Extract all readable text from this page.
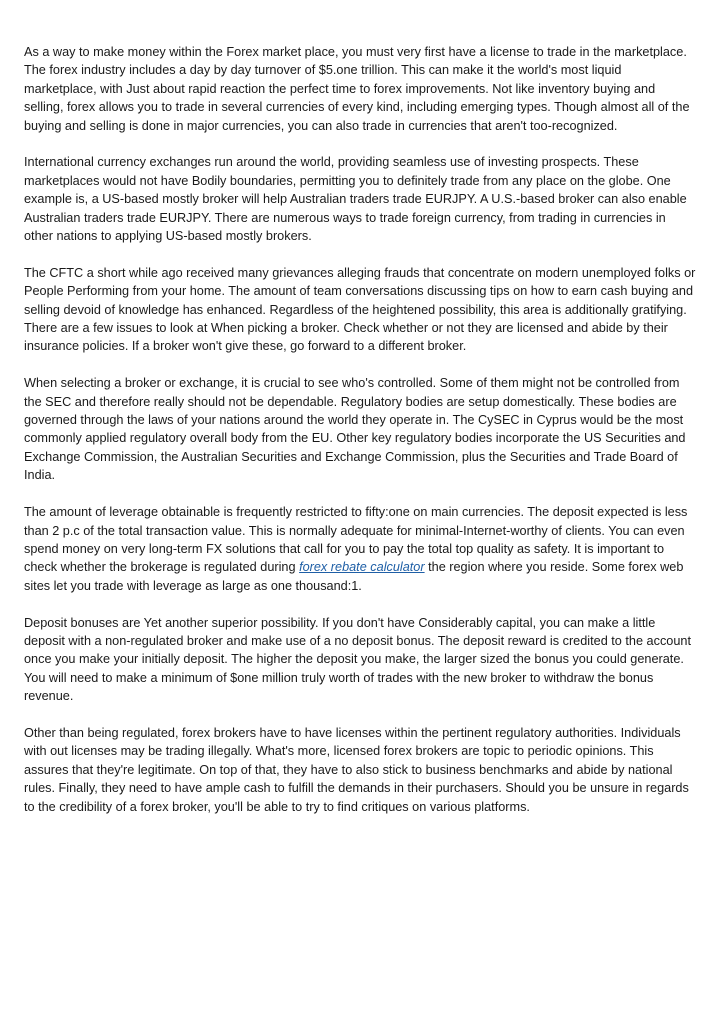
As a way to make money within the Forex market place, you must very first have a license to trade in the marketplace. The forex industry includes a day by day turnover of $5.one trillion. This can make it the world's most liquid marketplace, with Just about rapid reaction the perfect time to forex improvements. Not like inventory buying and selling, forex allows you to trade in several currencies of every kind, including emerging types. Though almost all of the buying and selling is done in major currencies, you can also trade in currencies that aren't too-recognized.

International currency exchanges run around the world, providing seamless use of investing prospects. These marketplaces would not have Bodily boundaries, permitting you to definitely trade from any place on the globe. One example is, a US-based mostly broker will help Australian traders trade EURJPY. A U.S.-based broker can also enable Australian traders trade EURJPY. There are numerous ways to trade foreign currency, from trading in currencies in other nations to applying US-based mostly brokers.

The CFTC a short while ago received many grievances alleging frauds that concentrate on modern unemployed folks or People Performing from your home. The amount of team conversations discussing tips on how to earn cash buying and selling devoid of knowledge has enhanced. Regardless of the heightened possibility, this area is additionally gratifying. There are a few issues to look at When picking a broker. Check whether or not they are licensed and abide by their insurance policies. If a broker won't give these, go forward to a different broker.

When selecting a broker or exchange, it is crucial to see who's controlled. Some of them might not be controlled from the SEC and therefore really should not be dependable. Regulatory bodies are setup domestically. These bodies are governed through the laws of your nations around the world they operate in. The CySEC in Cyprus would be the most commonly applied regulatory overall body from the EU. Other key regulatory bodies incorporate the US Securities and Exchange Commission, the Australian Securities and Exchange Commission, plus the Securities and Trade Board of India.

The amount of leverage obtainable is frequently restricted to fifty:one on main currencies. The deposit expected is less than 2 p.c of the total transaction value. This is normally adequate for minimal-Internet-worthy of clients. You can even spend money on very long-term FX solutions that call for you to pay the total top quality as safety. It is important to check whether the brokerage is regulated during forex rebate calculator the region where you reside. Some forex web sites let you trade with leverage as large as one thousand:1.

Deposit bonuses are Yet another superior possibility. If you don't have Considerably capital, you can make a little deposit with a non-regulated broker and make use of a no deposit bonus. The deposit reward is credited to the account once you make your initially deposit. The higher the deposit you make, the larger sized the bonus you could generate. You will need to make a minimum of $one million truly worth of trades with the new broker to withdraw the bonus revenue.

Other than being regulated, forex brokers have to have licenses within the pertinent regulatory authorities. Individuals with out licenses may be trading illegally. What's more, licensed forex brokers are topic to periodic opinions. This assures that they're legitimate. On top of that, they have to also stick to business benchmarks and abide by national rules. Finally, they need to have ample cash to fulfill the demands in their purchasers. Should you be unsure in regards to the credibility of a forex broker, you'll be able to try to find critiques on various platforms.
